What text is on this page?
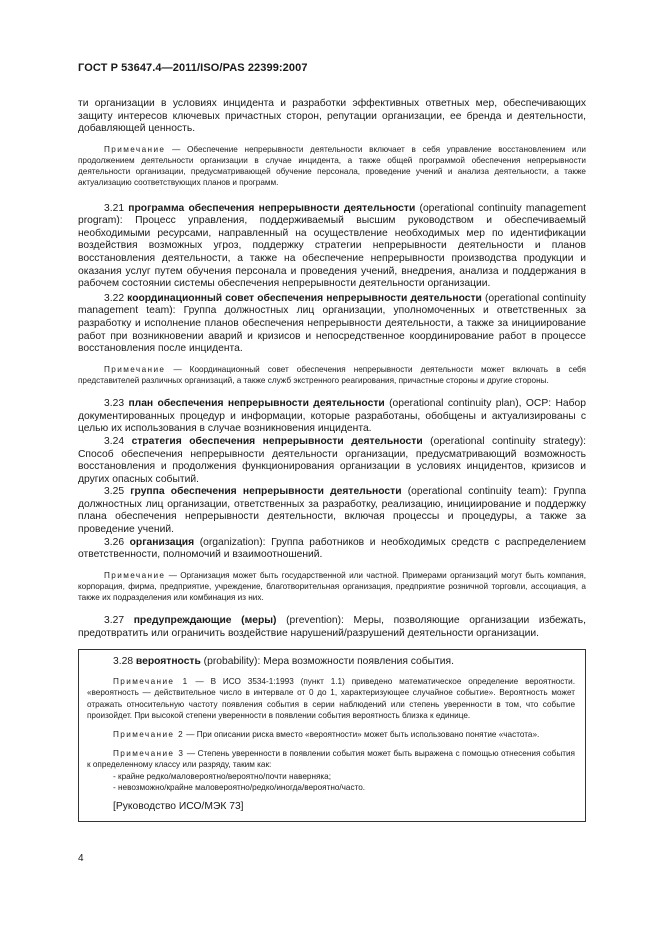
ГОСТ Р 53647.4—2011/ISO/PAS 22399:2007

ти организации в условиях инцидента и разработки эффективных ответных мер, обеспечивающих защиту интересов ключевых причастных сторон, репутации организации, ее бренда и деятельности, добавляющей ценность.

Примечание — Обеспечение непрерывности деятельности включает в себя управление восстановлением или продолжением деятельности организации в случае инцидента, а также общей программой обеспечения непрерывности деятельности организации, предусматривающей обучение персонала, проведение учений и анализа деятельности, а также актуализацию соответствующих планов и программ.

3.21 программа обеспечения непрерывности деятельности (operational continuity management program): Процесс управления, поддерживаемый высшим руководством и обеспечиваемый необходимыми ресурсами, направленный на осуществление необходимых мер по идентификации воздействия возможных угроз, поддержку стратегии непрерывности деятельности и планов восстановления деятельности, а также на обеспечение непрерывности производства продукции и оказания услуг путем обучения персонала и проведения учений, внедрения, анализа и поддержания в рабочем состоянии системы обеспечения непрерывности деятельности организации.

3.22 координационный совет обеспечения непрерывности деятельности (operational continuity management team): Группа должностных лиц организации, уполномоченных и ответственных за разработку и исполнение планов обеспечения непрерывности деятельности, а также за инициирование работ при возникновении аварий и кризисов и непосредственное координирование работ в процессе восстановления после инцидента.

Примечание — Координационный совет обеспечения непрерывности деятельности может включать в себя представителей различных организаций, а также служб экстренного реагирования, причастные стороны и другие стороны.

3.23 план обеспечения непрерывности деятельности (operational continuity plan), OCP: Набор документированных процедур и информации, которые разработаны, обобщены и актуализированы с целью их использования в случае возникновения инцидента.

3.24 стратегия обеспечения непрерывности деятельности (operational continuity strategy): Способ обеспечения непрерывности деятельности организации, предусматривающий возможность восстановления и продолжения функционирования организации в условиях инцидентов, кризисов и других опасных событий.

3.25 группа обеспечения непрерывности деятельности (operational continuity team): Группа должностных лиц организации, ответственных за разработку, реализацию, инициирование и поддержку плана обеспечения непрерывности деятельности, включая процессы и процедуры, а также за проведение учений.

3.26 организация (organization): Группа работников и необходимых средств с распределением ответственности, полномочий и взаимоотношений.

Примечание — Организация может быть государственной или частной. Примерами организаций могут быть компания, корпорация, фирма, предприятие, учреждение, благотворительная организация, предприятие розничной торговли, ассоциация, а также их подразделения или комбинация из них.

3.27 предупреждающие (меры) (prevention): Меры, позволяющие организации избежать, предотвратить или ограничить воздействие нарушений/разрушений деятельности организации.

3.28 вероятность (probability): Мера возможности появления события.

Примечание 1 — В ИСО 3534-1:1993 (пункт 1.1) приведено математическое определение вероятности. «вероятность — действительное число в интервале от 0 до 1, характеризующее случайное событие». Вероятность может отражать относительную частоту появления события в серии наблюдений или степень уверенности в том, что событие произойдет. При высокой степени уверенности в появлении события вероятность близка к единице.

Примечание 2 — При описании риска вместо «вероятности» может быть использовано понятие «частота».

Примечание 3 — Степень уверенности в появлении события может быть выражена с помощью отнесения события к определенному классу или разряду, таким как:

- крайне редко/маловероятно/вероятно/почти наверняка;
- невозможно/крайне маловероятно/редко/иногда/вероятно/часто.

[Руководство ИСО/МЭК 73]

4
